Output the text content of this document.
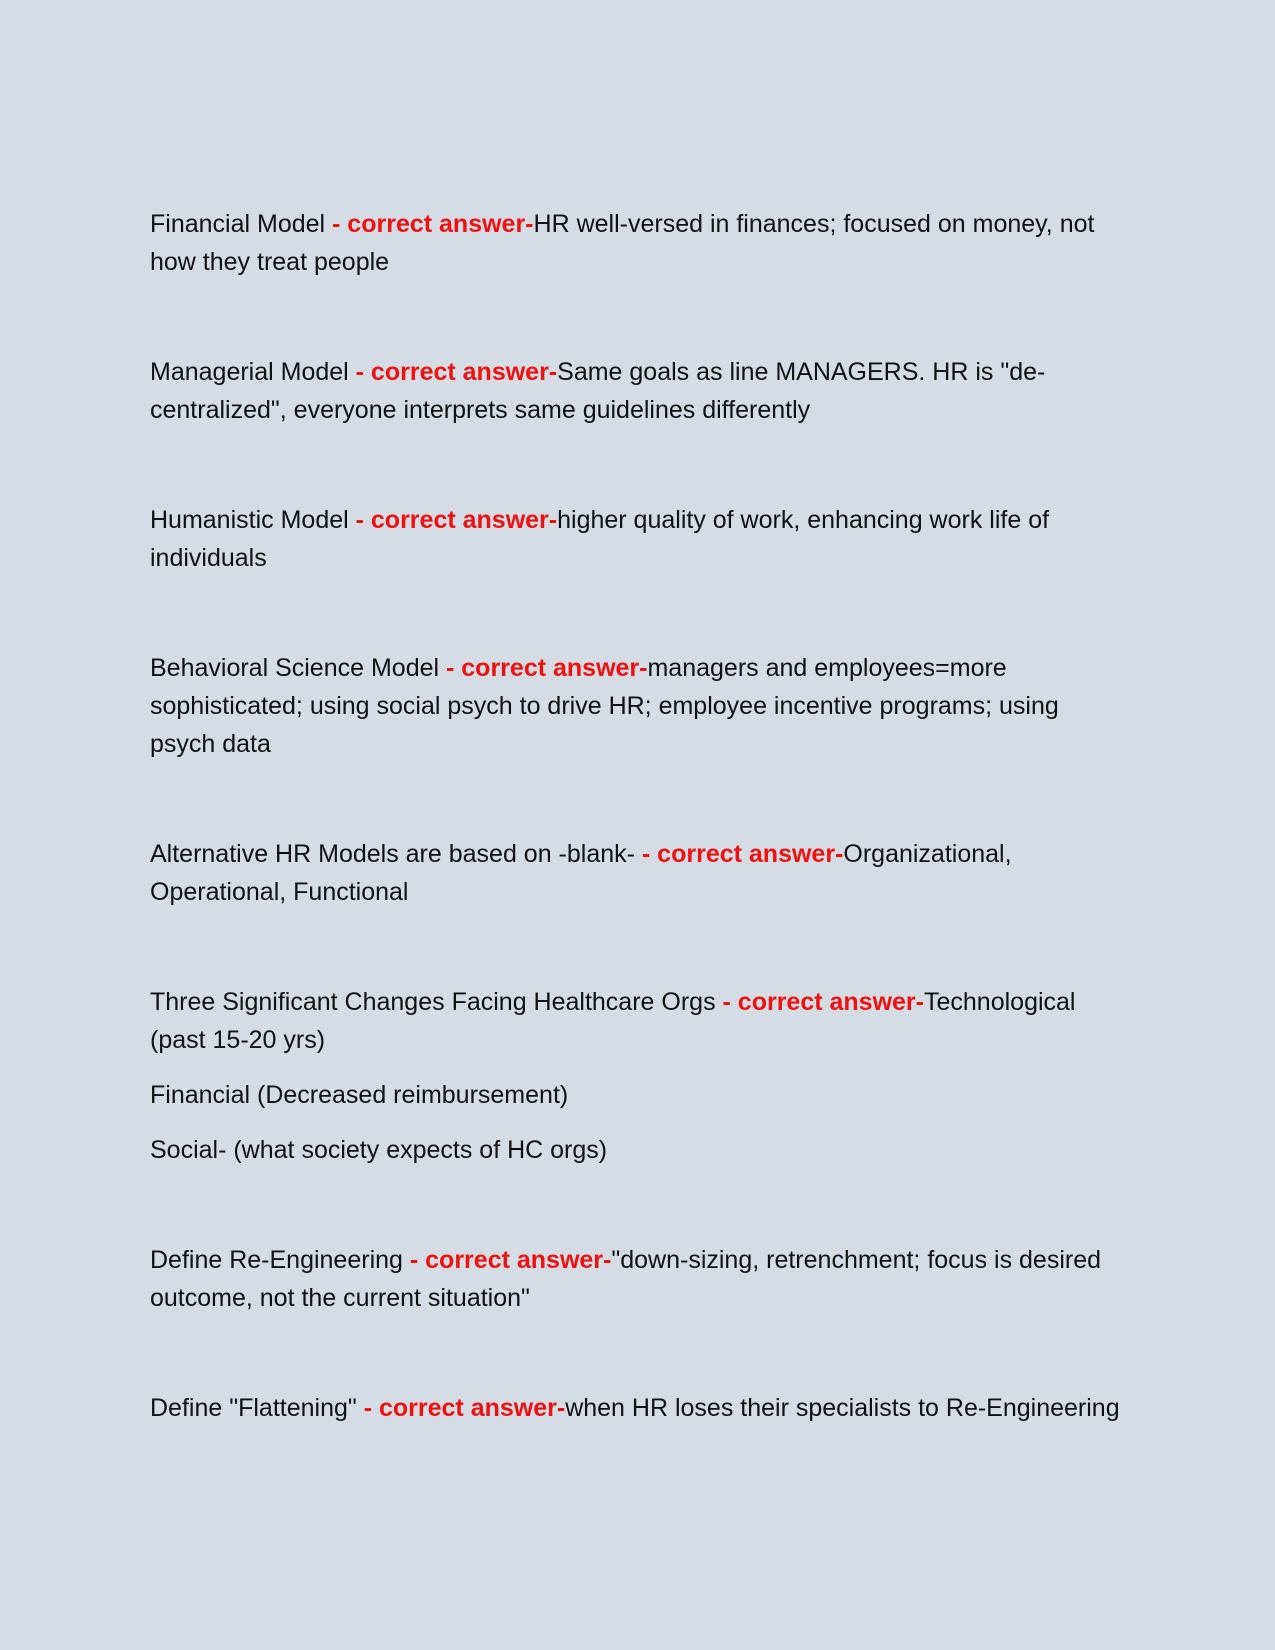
Financial Model - correct answer-HR well-versed in finances; focused on money, not how they treat people

Managerial Model - correct answer-Same goals as line MANAGERS. HR is "de-centralized", everyone interprets same guidelines differently

Humanistic Model - correct answer-higher quality of work, enhancing work life of individuals

Behavioral Science Model - correct answer-managers and employees=more sophisticated; using social psych to drive HR; employee incentive programs; using psych data

Alternative HR Models are based on -blank- - correct answer-Organizational, Operational, Functional

Three Significant Changes Facing Healthcare Orgs - correct answer-Technological (past 15-20 yrs)

Financial (Decreased reimbursement)

Social- (what society expects of HC orgs)

Define Re-Engineering - correct answer-"down-sizing, retrenchment; focus is desired outcome, not the current situation"

Define "Flattening" - correct answer-when HR loses their specialists to Re-Engineering
